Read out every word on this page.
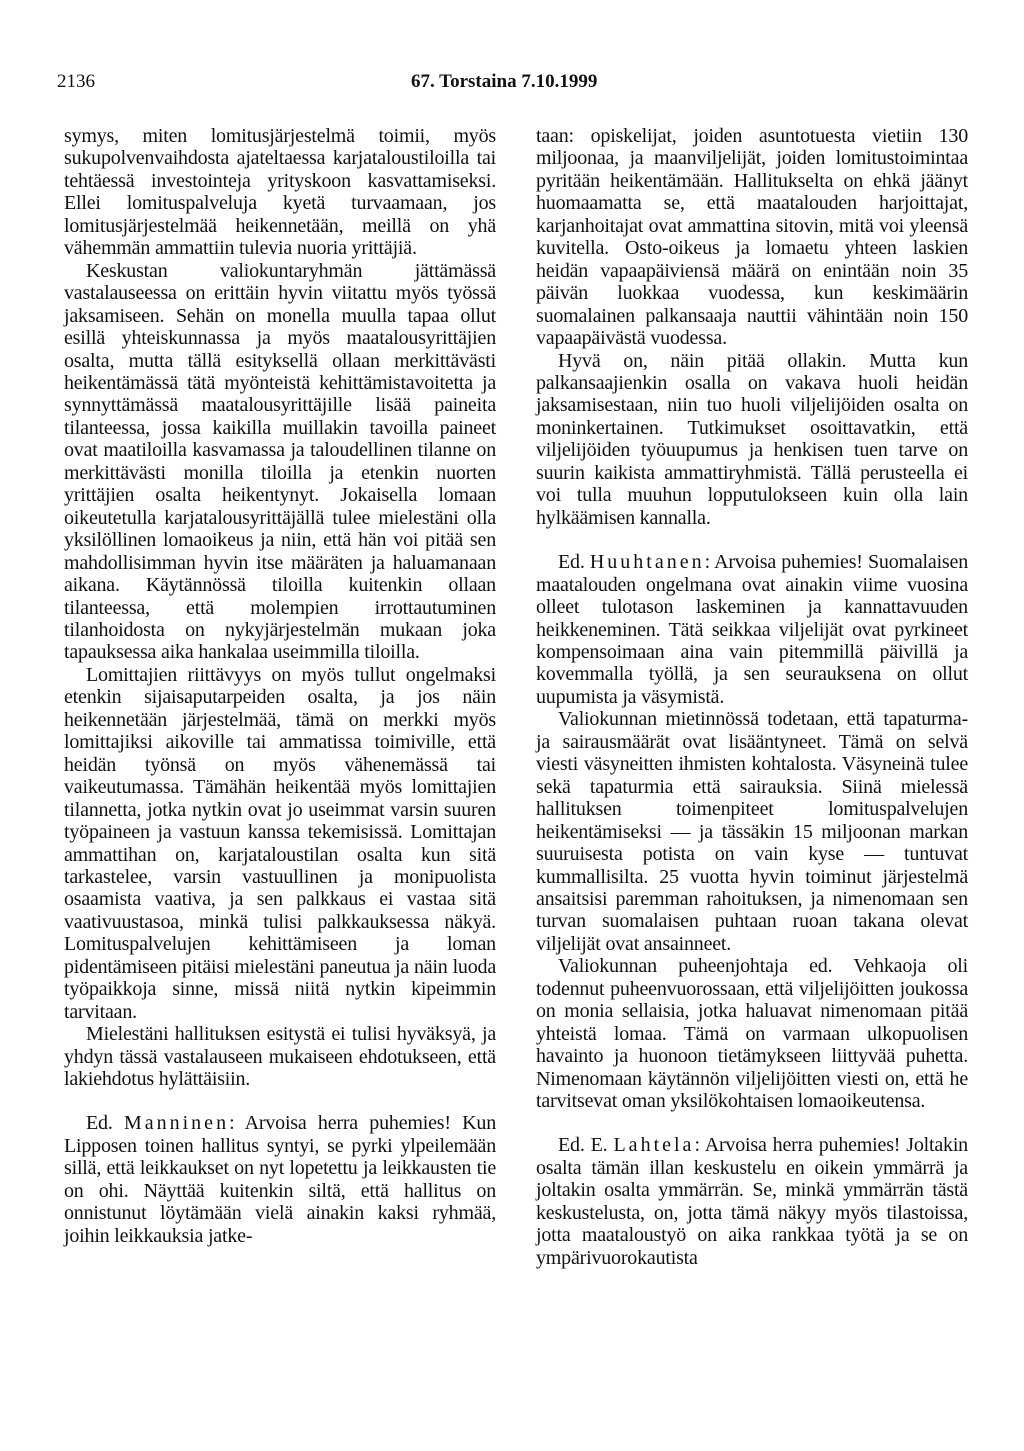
2136	67. Torstaina 7.10.1999

symys, miten lomitusjärjestelmä toimii, myös sukupolvenvaihdosta ajateltaessa karjataloustiloilla tai tehtäessä investointeja yrityskoon kasvattamiseksi. Ellei lomituspalveluja kyetä turvaamaan, jos lomitusjärjestelmää heikennetään, meillä on yhä vähemmän ammattiin tulevia nuoria yrittäjiä.

Keskustan valiokuntaryhmän jättämässä vastalauseessa on erittäin hyvin viitattu myös työssä jaksamiseen. Sehän on monella muulla tapaa ollut esillä yhteiskunnassa ja myös maatalousyrittäjien osalta, mutta tällä esityksellä ollaan merkittävästi heikentämässä tätä myönteistä kehittämistavoitetta ja synnyttämässä maatalousyrittäjille lisää paineita tilanteessa, jossa kaikilla muillakin tavoilla paineet ovat maatiloilla kasvamassa ja taloudellinen tilanne on merkittävästi monilla tiloilla ja etenkin nuorten yrittäjien osalta heikentynyt. Jokaisella lomaan oikeutetulla karjatalousyrittäjällä tulee mielestäni olla yksilöllinen lomaoikeus ja niin, että hän voi pitää sen mahdollisimman hyvin itse määräten ja haluamanaan aikana. Käytännössä tiloilla kuitenkin ollaan tilanteessa, että molempien irrottautuminen tilanhoidosta on nykyjärjestelmän mukaan joka tapauksessa aika hankalaa useimmilla tiloilla.

Lomittajien riittävyys on myös tullut ongelmaksi etenkin sijaisaputarpeiden osalta, ja jos näin heikennetään järjestelmää, tämä on merkki myös lomittajiksi aikoville tai ammatissa toimiville, että heidän työnsä on myös vähenemässä tai vaikeutumassa. Tämähän heikentää myös lomittajien tilannetta, jotka nytkin ovat jo useimmat varsin suuren työpaineen ja vastuun kanssa tekemisissä. Lomittajan ammattihan on, karjataloustilan osalta kun sitä tarkastelee, varsin vastuullinen ja monipuolista osaamista vaativa, ja sen palkkaus ei vastaa sitä vaativuustasoa, minkä tulisi palkkauksessa näkyä. Lomituspalvelujen kehittämiseen ja loman pidentämiseen pitäisi mielestäni paneutua ja näin luoda työpaikkoja sinne, missä niitä nytkin kipeimmin tarvitaan.

Mielestäni hallituksen esitystä ei tulisi hyväksyä, ja yhdyn tässä vastalauseen mukaiseen ehdotukseen, että lakiehdotus hylättäisiin.

Ed. Manninen: Arvoisa herra puhemies! Kun Lipposen toinen hallitus syntyi, se pyrki ylpeilemään sillä, että leikkaukset on nyt lopetettu ja leikkausten tie on ohi. Näyttää kuitenkin siltä, että hallitus on onnistunut löytämään vielä ainakin kaksi ryhmää, joihin leikkauksia jatke-

taan: opiskelijat, joiden asuntotuesta vietiin 130 miljoonaa, ja maanviljelijät, joiden lomitustoimintaa pyritään heikentämään. Hallitukselta on ehkä jäänyt huomaamatta se, että maatalouden harjoittajat, karjanhoitajat ovat ammattina sitovin, mitä voi yleensä kuvitella. Osto-oikeus ja lomaetu yhteen laskien heidän vapaapäiviensä määrä on enintään noin 35 päivän luokkaa vuodessa, kun keskimäärin suomalainen palkansaaja nauttii vähintään noin 150 vapaapäivästä vuodessa.

Hyvä on, näin pitää ollakin. Mutta kun palkansaajienkin osalla on vakava huoli heidän jaksamisestaan, niin tuo huoli viljelijöiden osalta on moninkertainen. Tutkimukset osoittavatkin, että viljelijöiden työuupumus ja henkisen tuen tarve on suurin kaikista ammattiryhmistä. Tällä perusteella ei voi tulla muuhun lopputulokseen kuin olla lain hylkäämisen kannalla.

Ed. Huuhtanen: Arvoisa puhemies! Suomalaisen maatalouden ongelmana ovat ainakin viime vuosina olleet tulotason laskeminen ja kannattavuuden heikkeneminen. Tätä seikkaa viljelijät ovat pyrkineet kompensoimaan aina vain pitemmillä päivillä ja kovemmalla työllä, ja sen seurauksena on ollut uupumista ja väsymistä.

Valiokunnan mietinnössä todetaan, että tapaturma- ja sairausmäärät ovat lisääntyneet. Tämä on selvä viesti väsyneitten ihmisten kohtalosta. Väsyneinä tulee sekä tapaturmia että sairauksia. Siinä mielessä hallituksen toimenpiteet lomituspalvelujen heikentämiseksi — ja tässäkin 15 miljoonan markan suuruisesta potista on vain kyse — tuntuvat kummallisilta. 25 vuotta hyvin toiminut järjestelmä ansaitsisi paremman rahoituksen, ja nimenomaan sen turvan suomalaisen puhtaan ruoan takana olevat viljelijät ovat ansainneet.

Valiokunnan puheenjohtaja ed. Vehkaoja oli todennut puheenvuorossaan, että viljelijöitten joukossa on monia sellaisia, jotka haluavat nimenomaan pitää yhteistä lomaa. Tämä on varmaan ulkopuolisen havainto ja huonoon tietämykseen liittyvää puhetta. Nimenomaan käytännön viljelijöitten viesti on, että he tarvitsevat oman yksilökohtaisen lomaoikeutensa.

Ed. E. Lahtela: Arvoisa herra puhemies! Joltakin osalta tämän illan keskustelu en oikein ymmärrä ja joltakin osalta ymmärrän. Se, minkä ymmärrän tästä keskustelusta, on, jotta tämä näkyy myös tilastoissa, jotta maataloustyö on aika rankkaa työtä ja se on ympärivuorokautista
